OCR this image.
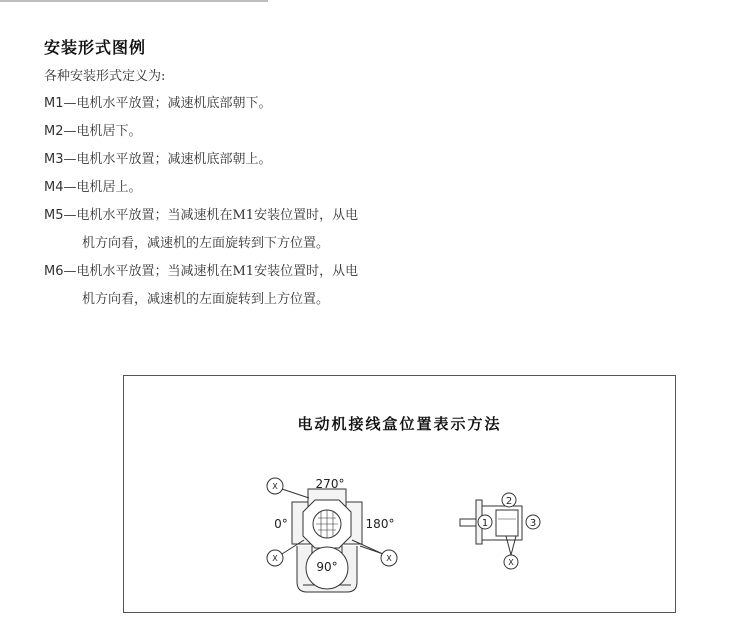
安装形式图例
各种安装形式定义为:
M1—电机水平放置；减速机底部朝下。
M2—电机居下。
M3—电机水平放置；减速机底部朝上。
M4—电机居上。
M5—电机水平放置；当减速机在M1安装位置时，从电
机方向看，减速机的左面旋转到下方位置。
M6—电机水平放置；当减速机在M1安装位置时，从电
机方向看，减速机的左面旋转到上方位置。
电动机接线盒位置表示方法
270°
0°	180°
90°
X
X	X
1
2
3
X
